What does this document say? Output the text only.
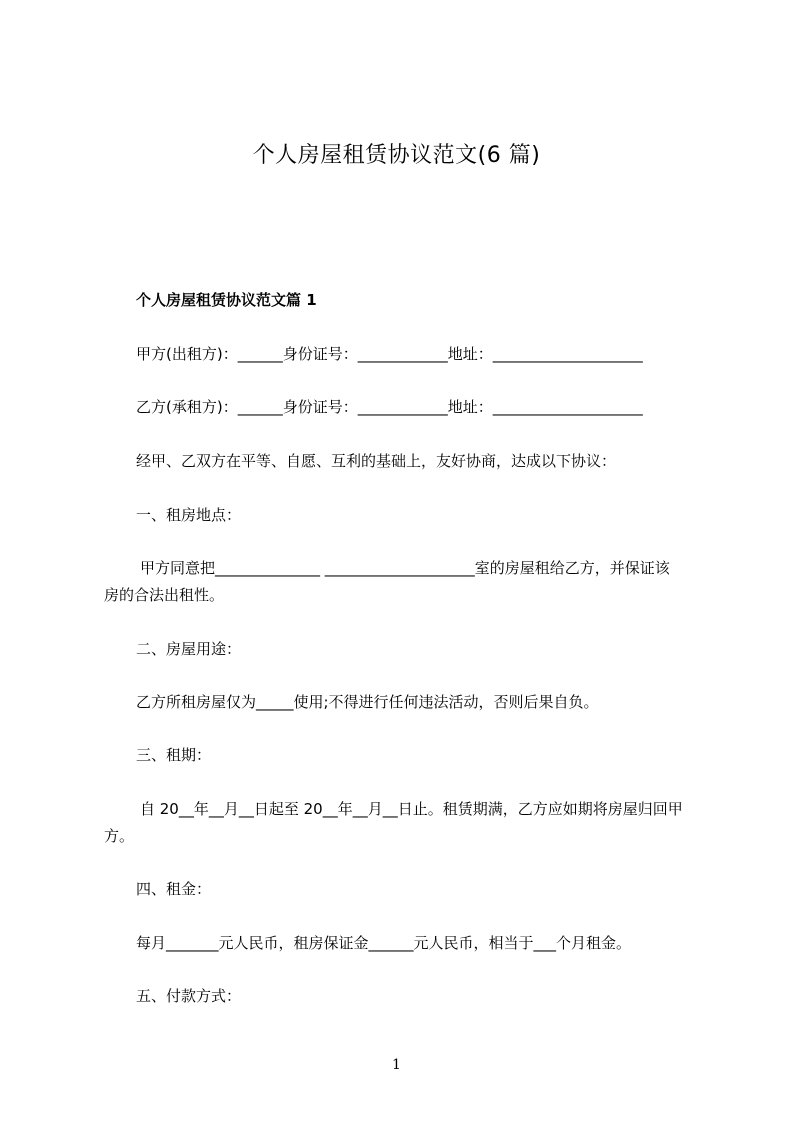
个人房屋租赁协议范文(6 篇)
个人房屋租赁协议范文篇 1
甲方(出租方)：______身份证号：____________地址：____________________
乙方(承租方)：______身份证号：____________地址：____________________
经甲、乙双方在平等、自愿、互利的基础上，友好协商，达成以下协议：
一、租房地点：
甲方同意把______________ ____________________室的房屋租给乙方，并保证该
房的合法出租性。
二、房屋用途：
乙方所租房屋仅为_____使用;不得进行任何违法活动，否则后果自负。
三、租期：
自 20__年__月__日起至 20__年__月__日止。租赁期满，乙方应如期将房屋归回甲
方。
四、租金：
每月_______元人民币，租房保证金______元人民币，相当于___个月租金。
五、付款方式：
1
